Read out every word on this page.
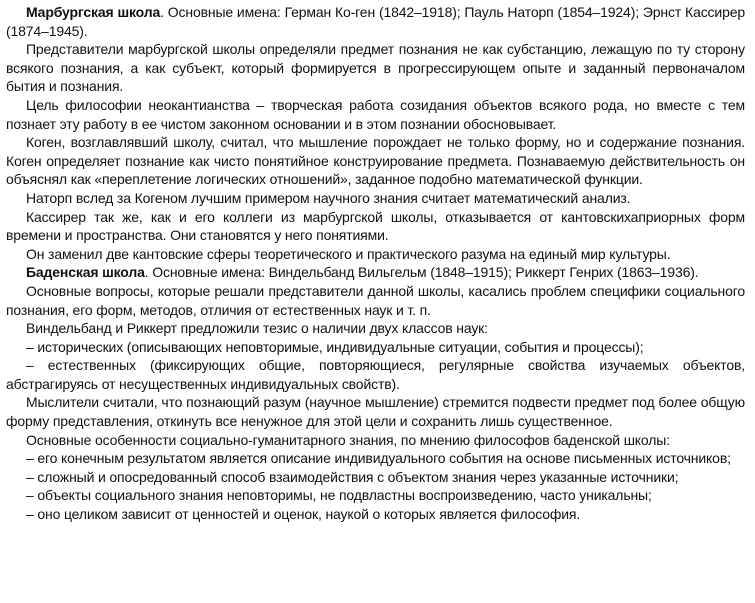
Марбургская школа. Основные имена: Герман Ко-ген (1842–1918); Пауль Наторп (1854–1924); Эрнст Кассирер (1874–1945).

Представители марбургской школы определяли предмет познания не как субстанцию, лежащую по ту сторону всякого познания, а как субъект, который формируется в прогрессирующем опыте и заданный первоначалом бытия и познания.

Цель философии неокантианства – творческая работа созидания объектов всякого рода, но вместе с тем познает эту работу в ее чистом законном основании и в этом познании обосновывает.

Коген, возглавлявший школу, считал, что мышление порождает не только форму, но и содержание познания. Коген определяет познание как чисто понятийное конструирование предмета. Познаваемую действительность он объяснял как «переплетение логических отношений», заданное подобно математической функции.

Наторп вслед за Когеном лучшим примером научного знания считает математический анализ.

Кассирер так же, как и его коллеги из марбургской школы, отказывается от кантовскихаприорных форм времени и пространства. Они становятся у него понятиями.

Он заменил две кантовские сферы теоретического и практического разума на единый мир культуры.

Баденская школа. Основные имена: Виндельбанд Вильгельм (1848–1915); Риккерт Генрих (1863–1936).

Основные вопросы, которые решали представители данной школы, касались проблем специфики социального познания, его форм, методов, отличия от естественных наук и т. п.

Виндельбанд и Риккерт предложили тезис о наличии двух классов наук:

– исторических (описывающих неповторимые, индивидуальные ситуации, события и процессы);

– естественных (фиксирующих общие, повторяющиеся, регулярные свойства изучаемых объектов, абстрагируясь от несущественных индивидуальных свойств).

Мыслители считали, что познающий разум (научное мышление) стремится подвести предмет под более общую форму представления, откинуть все ненужное для этой цели и сохранить лишь существенное.

Основные особенности социально-гуманитарного знания, по мнению философов баденской школы:

– его конечным результатом является описание индивидуального события на основе письменных источников;

– сложный и опосредованный способ взаимодействия с объектом знания через указанные источники;

– объекты социального знания неповторимы, не подвластны воспроизведению, часто уникальны;

– оно целиком зависит от ценностей и оценок, наукой о которых является философия.
